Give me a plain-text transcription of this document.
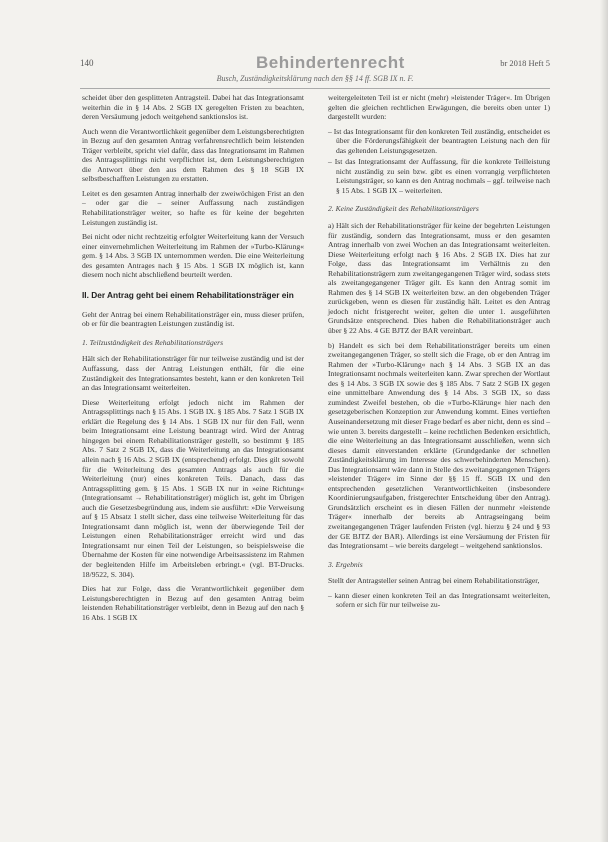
140	Behindertenrecht	br 2018 Heft 5
Busch, Zuständigkeitsklärung nach den §§ 14 ff. SGB IX n. F.

scheidet über den gesplitteten Antragsteil. Dabei hat das Integrationsamt weiterhin die in § 14 Abs. 2 SGB IX geregelten Fristen zu beachten, deren Versäumung jedoch weitgehend sanktionslos ist.

Auch wenn die Verantwortlichkeit gegenüber dem Leistungsberechtigten in Bezug auf den gesamten Antrag verfahrensrechtlich beim leistenden Träger verbleibt, spricht viel dafür, dass das Integrationsamt im Rahmen des Antragssplittings nicht verpflichtet ist, dem Leistungsberechtigten die Antwort über den aus dem Rahmen des § 18 SGB IX selbstbeschafften Leistungen zu erstatten.

Leitet es den gesamten Antrag innerhalb der zweiwöchigen Frist an den – oder gar die – seiner Auffassung nach zuständigen Rehabilitationsträger weiter, so hafte es für keine der begehrten Leistungen zuständig ist.

Bei nicht oder nicht rechtzeitig erfolgter Weiterleitung kann der Versuch einer einvernehmlichen Weiterleitung im Rahmen der »Turbo-Klärung« gem. § 14 Abs. 3 SGB IX unternommen werden. Die eine Weiterleitung des gesamten Antrages nach § 15 Abs. 1 SGB IX möglich ist, kann diesem noch nicht abschließend beurteilt werden.

II. Der Antrag geht bei einem Rehabilitationsträger ein

Geht der Antrag bei einem Rehabilitationsträger ein, muss dieser prüfen, ob er für die beantragten Leistungen zuständig ist.

1. Teilzuständigkeit des Rehabilitationsträgers

Hält sich der Rehabilitationsträger für nur teilweise zuständig und ist der Auffassung, dass der Antrag Leistungen enthält, für die eine Zuständigkeit des Integrationsamtes besteht, kann er den konkreten Teil an das Integrationsamt weiterleiten.

Diese Weiterleitung erfolgt jedoch nicht im Rahmen der Antragssplittings nach § 15 Abs. 1 SGB IX. § 185 Abs. 7 Satz 1 SGB IX erklärt die Regelung des § 14 Abs. 1 SGB IX nur für den Fall, wenn beim Integrationsamt eine Leistung beantragt wird. Wird der Antrag hingegen bei einem Rehabilitationsträger gestellt, so bestimmt § 185 Abs. 7 Satz 2 SGB IX, dass die Weiterleitung an das Integrationsamt allein nach § 16 Abs. 2 SGB IX (entsprechend) erfolgt. Dies gilt sowohl für die Weiterleitung des gesamten Antrags als auch für die Weiterleitung (nur) eines konkreten Teils. Danach, dass das Antragssplitting gem. § 15 Abs. 1 SGB IX nur in »eine Richtung« (Integrationsamt → Rehabilitationsträger) möglich ist, geht im Übrigen auch die Gesetzesbegründung aus, indem sie ausführt: »Die Verweisung auf § 15 Absatz 1 stellt sicher, dass eine teilweise Weiterleitung für das Integrationsamt dann möglich ist, wenn der überwiegende Teil der Leistungen einen Rehabilitationsträger erreicht wird und das Integrationsamt nur einen Teil der Leistungen, so beispielsweise die Übernahme der Kosten für eine notwendige Arbeitsassistenz im Rahmen der begleitenden Hilfe im Arbeitsleben erbringt.« (vgl. BT-Drucks. 18/9522, S. 304).

Dies hat zur Folge, dass die Verantwortlichkeit gegenüber dem Leistungsberechtigten in Bezug auf den gesamten Antrag beim leistenden Rehabilitationsträger verbleibt, denn in Bezug auf den nach § 16 Abs. 1 SGB IX

weitergeleiteten Teil ist er nicht (mehr) »leistender Träger«. Im Übrigen gelten die gleichen rechtlichen Erwägungen, die bereits oben unter 1) dargestellt wurden:

– Ist das Integrationsamt für den konkreten Teil zuständig, entscheidet es über die Förderungsfähigkeit der beantragten Leistung nach den für das geltenden Leistungsgesetzen.
– Ist das Integrationsamt der Auffassung, für die konkrete Teilleistung nicht zuständig zu sein bzw. gibt es einen vorrangig verpflichteten Leistungsträger, so kann es den Antrag nochmals – ggf. teilweise nach § 15 Abs. 1 SGB IX – weiterleiten.
2. Keine Zuständigkeit des Rehabilitationsträgers

a) Hält sich der Rehabilitationsträger für keine der begehrten Leistungen für zuständig, sondern das Integrationsamt, muss er den gesamten Antrag innerhalb von zwei Wochen an das Integrationsamt weiterleiten. Diese Weiterleitung erfolgt nach § 16 Abs. 2 SGB IX. Dies hat zur Folge, dass das Integrationsamt im Verhältnis zu den Rehabilitationsträgern zum zweitangegangenen Träger wird, sodass stets als zweitangegangener Träger gilt. Es kann den Antrag somit im Rahmen des § 14 SGB IX weiterleiten bzw. an den obgebenden Träger zurückgeben, wenn es diesen für zuständig hält. Leitet es den Antrag jedoch nicht fristgerecht weiter, gelten die unter 1. ausgeführten Grundsätze entsprechend. Dies haben die Rehabilitationsträger auch über § 22 Abs. 4 GE BJTZ der BAR vereinbart.

b) Handelt es sich bei dem Rehabilitationsträger bereits um einen zweitangegangenen Träger, so stellt sich die Frage, ob er den Antrag im Rahmen der »Turbo-Klärung« nach § 14 Abs. 3 SGB IX an das Integrationsamt nochmals weiterleiten kann. Zwar sprechen der Wortlaut des § 14 Abs. 3 SGB IX sowie des § 185 Abs. 7 Satz 2 SGB IX gegen eine unmittelbare Anwendung des § 14 Abs. 3 SGB IX, so dass zumindest Zweifel bestehen, ob die »Turbo-Klärung« hier nach den gesetzgeberischen Konzeption zur Anwendung kommt. Eines vertieften Auseinandersetzung mit dieser Frage bedarf es aber nicht, denn es sind – wie unten 3. bereits dargestellt – keine rechtlichen Bedenken ersichtlich, die eine Weiterleitung an das Integrationsamt ausschließen, wenn sich dieses damit einverstanden erklärte (Grundgedanke der schnellen Zuständigkeitsklärung im Interesse des schwerbehinderten Menschen). Das Integrationsamt wäre dann in Stelle des zweitangegangenen Trägers »leistender Träger« im Sinne der §§ 15 ff. SGB IX und den entsprechenden gesetzlichen Verantwortlichkeiten (insbesondere Koordinierungsaufgaben, fristgerechter Entscheidung über den Antrag). Grundsätzlich erscheint es in diesen Fällen der nunmehr »leistende Träger« innerhalb der bereits ab Antragseingang beim zweitangegangenen Träger laufenden Fristen (vgl. hierzu § 24 und § 93 der GE BJTZ der BAR). Allerdings ist eine Versäumung der Fristen für das Integrationsamt – wie bereits dargelegt – weitgehend sanktionslos.

3. Ergebnis

Stellt der Antragsteller seinen Antrag bei einem Rehabilitationsträger,

– kann dieser einen konkreten Teil an das Integrationsamt weiterleiten, sofern er sich für nur teilweise zu-
